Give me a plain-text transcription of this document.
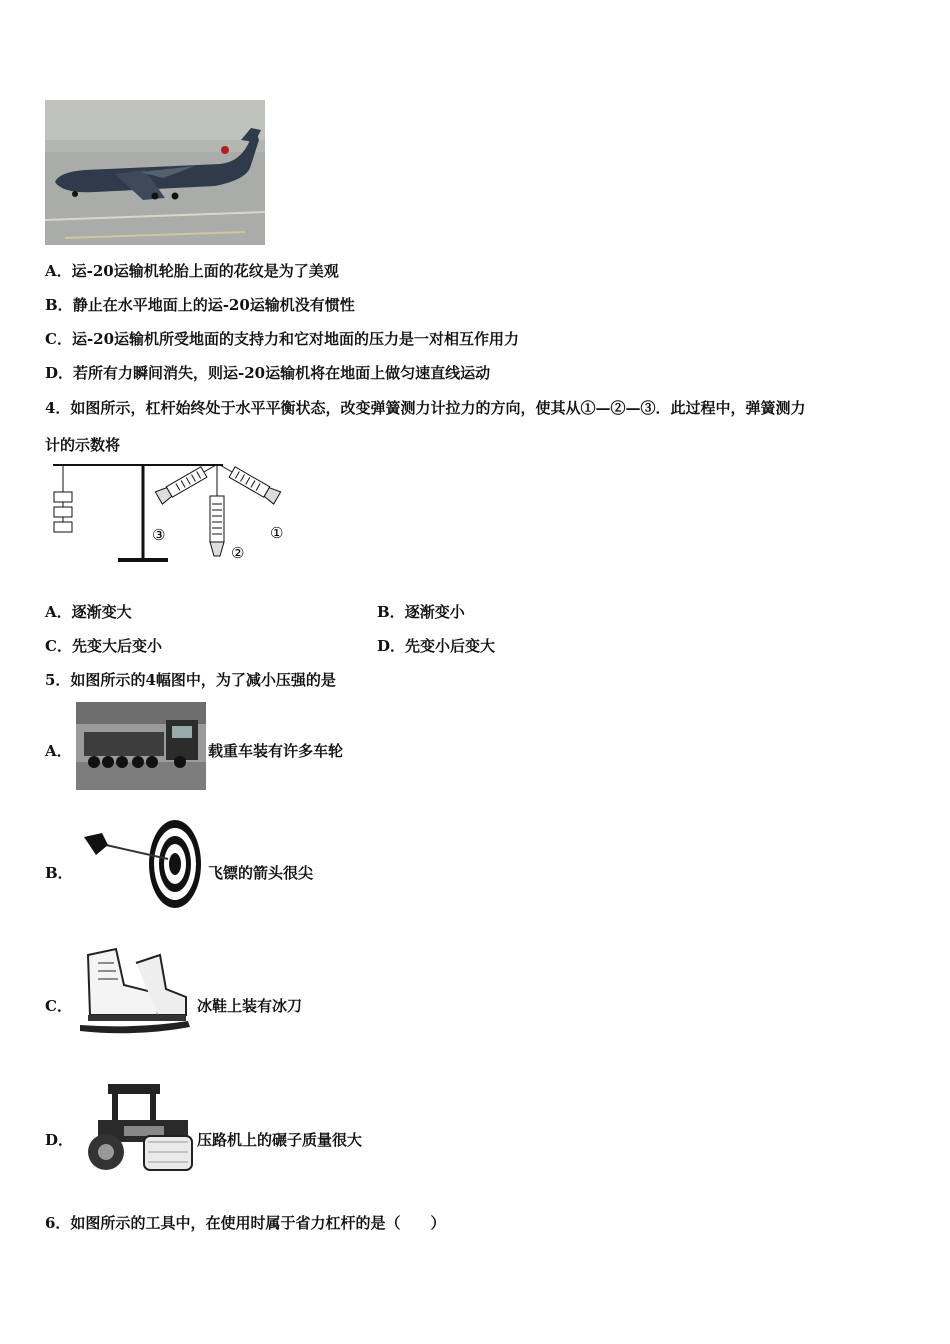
A．运-20运输机轮胎上面的花纹是为了美观
B．静止在水平地面上的运-20运输机没有惯性
C．运-20运输机所受地面的支持力和它对地面的压力是一对相互作用力
D．若所有力瞬间消失，则运-20运输机将在地面上做匀速直线运动
4．如图所示，杠杆始终处于水平平衡状态，改变弹簧测力计拉力的方向，使其从①—②—③．此过程中，弹簧测力
计的示数将
①
②
③
A．逐渐变大	B．逐渐变小
C．先变大后变小	D．先变小后变大
5．如图所示的4幅图中，为了减小压强的是
A．	载重车装有许多车轮
B．	飞镖的箭头很尖
C．	冰鞋上装有冰刀
D．	压路机上的碾子质量很大
6．如图所示的工具中，在使用时属于省力杠杆的是（　　）
